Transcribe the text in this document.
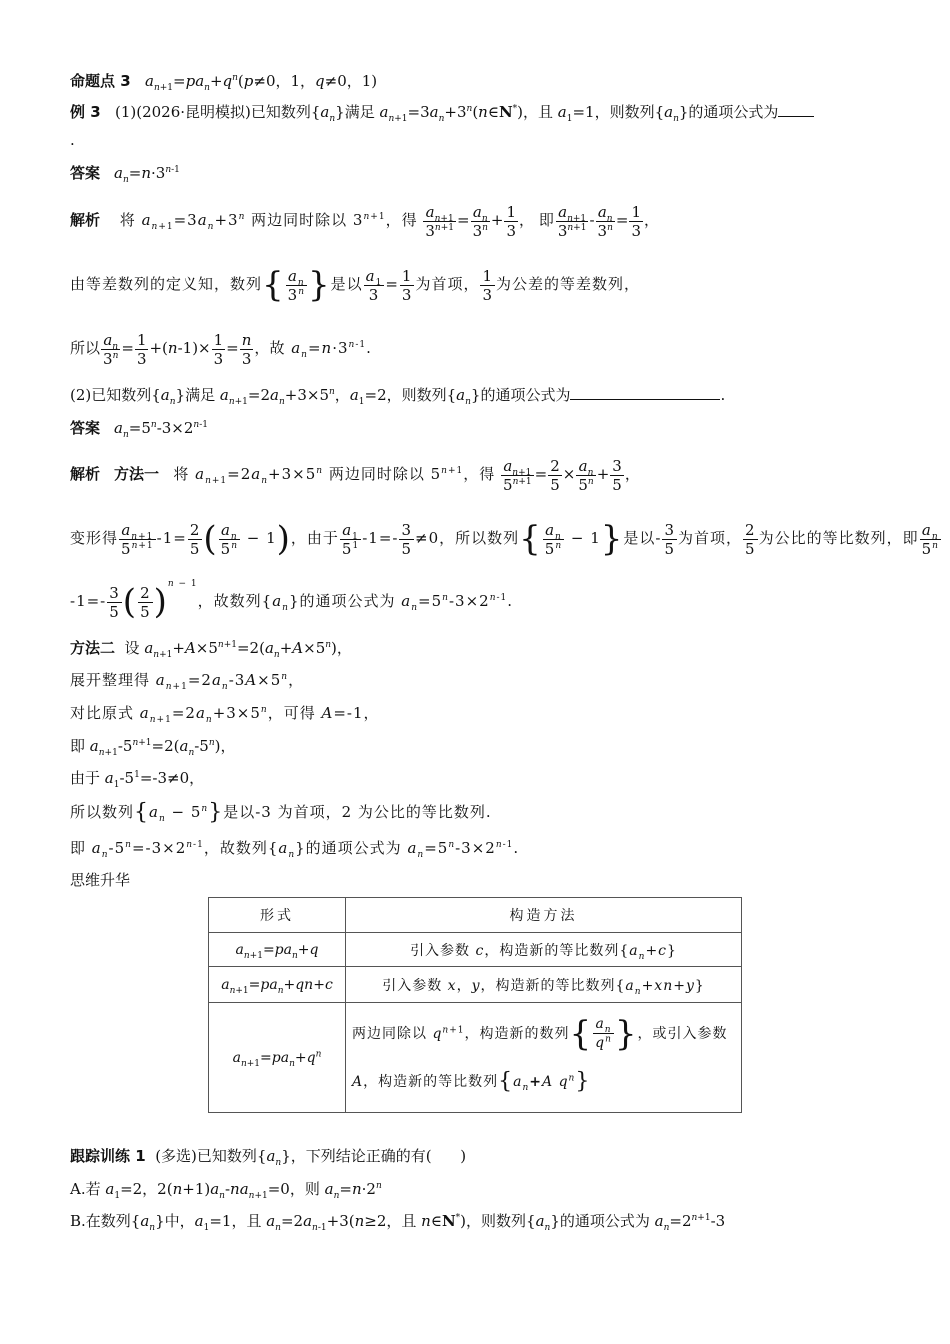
命题点 3 $a_{n+1}=pa_n+q^n(p\ne 0$，1，q≠0，1)
例 3   (1)(2026·昆明模拟)已知数列$\{a_n\}$满足 $a_{n+1}=3a_n+3^n(n\in N^*)$，且 $a_1=1$，则数列$\{a_n\}$的通项公式为
.
答案 $a_n=n\cdot 3^{n-1}$
解析 将 $a_{n+1}=3a_n+3^n$ 两边同时除以 $3^{n+1}$，得 $\frac{a_{n+1}}{3^{n+1}} = \frac{a_n}{3^n} + \frac{1}{3}$ ， 即 $\frac{a_{n+1}}{3^{n+1}} - \frac{a_n}{3^n} = \frac{1}{3}$ ，
由等差数列的定义知，数列{ $\frac{a_n}{3^n}$ }是以 $\frac{a_1}{3} = \frac{1}{3}$ 为首项， $\frac{1}{3}$ 为公差的等差数列，
所以 $\frac{a_n}{3^n} = \frac{1}{3} +(n-1)\times \frac{1}{3} = \frac{n}{3}$ ，故 $a_n=n\cdot 3^{n-1}$.
(2)已知数列$\{a_n\}$满足 $a_{n+1}=2a_n+3\times 5^n$，$a_1=2$，则数列$\{a_n\}$的通项公式为	.
答案 $a_n=5^n-3\times 2^{n-1}$
解析 方法一 将 $a_{n+1}=2a_n+3\times 5^n$ 两边同时除以 $5^{n+1}$，得 $\frac{a_{n+1}}{5^{n+1}} = \frac{2}{5} \times \frac{a_n}{5^n} + \frac{3}{5}$ ，
变形得 $\frac{a_{n+1}}{5^{n+1}} -1= \frac{2}{5}$ ( $\frac{a_n}{5^n} - 1$)，由于 $\frac{a_1}{5^1} -1=- \frac{3}{5} \ne 0$，所以数列{ $\frac{a_n}{5^n} - 1$}是以- $\frac{3}{5}$ 为首项， $\frac{2}{5}$ 为公比的等比数列，即 $\frac{a_n}{5^n}$
$-1=- \frac{3}{5}$ ( $\frac{2}{5} )^{n - 1}$，故数列$\{a_n\}$的通项公式为 $a_n=5^n-3\times 2^{n-1}$.
方法二  设 $a_{n+1}+A\times 5^{n+1}=2(a_n+A\times 5^n)$，
展开整理得 $a_{n+1}=2a_n-3A\times 5^n$，
对比原式 $a_{n+1}=2a_n+3\times 5^n$，可得 A=-1，
即 $a_{n+1}-5^{n+1}=2(a_n-5^n)$，
由于 $a_1-5^1=-3\ne 0$，
所以数列$\{a_n - 5^n\}$是以-3 为首项，2 为公比的等比数列.
即 $a_n-5^n=-3\times 2^{n-1}$，故数列$\{a_n\}$的通项公式为 $a_n=5^n-3\times 2^{n-1}$.
思维升华
形式	构造方法
$a_{n+1}=pa_n+q$	引入参数 c，构造新的等比数列$\{a_n+c\}$
$a_{n+1}=pa_n+qn+c$	引入参数 x，y，构造新的等比数列$\{a_n+xn+y\}$
$a_{n+1}=pa_n+q^n$	两边同除以 $q^{n+1}$，构造新的数列{ $\frac{a_n}{q^n}$ }，或引入参数
A，构造新的等比数列{$a_n+A$ $q^n$}
跟踪训练 1  (多选)已知数列$\{a_n\}$，下列结论正确的有(      )
A.若 $a_1=2$，$2(n+1)a_n-na_{n+1}=0$，则 $a_n=n\cdot 2^n$
B.在数列$\{a_n\}$中，$a_1=1$，且 $a_n=2a_{n-1}+3(n\ge 2$，且 n∈N*)，则数列$\{a_n\}$的通项公式为 $a_n=2^{n+1}-3$
